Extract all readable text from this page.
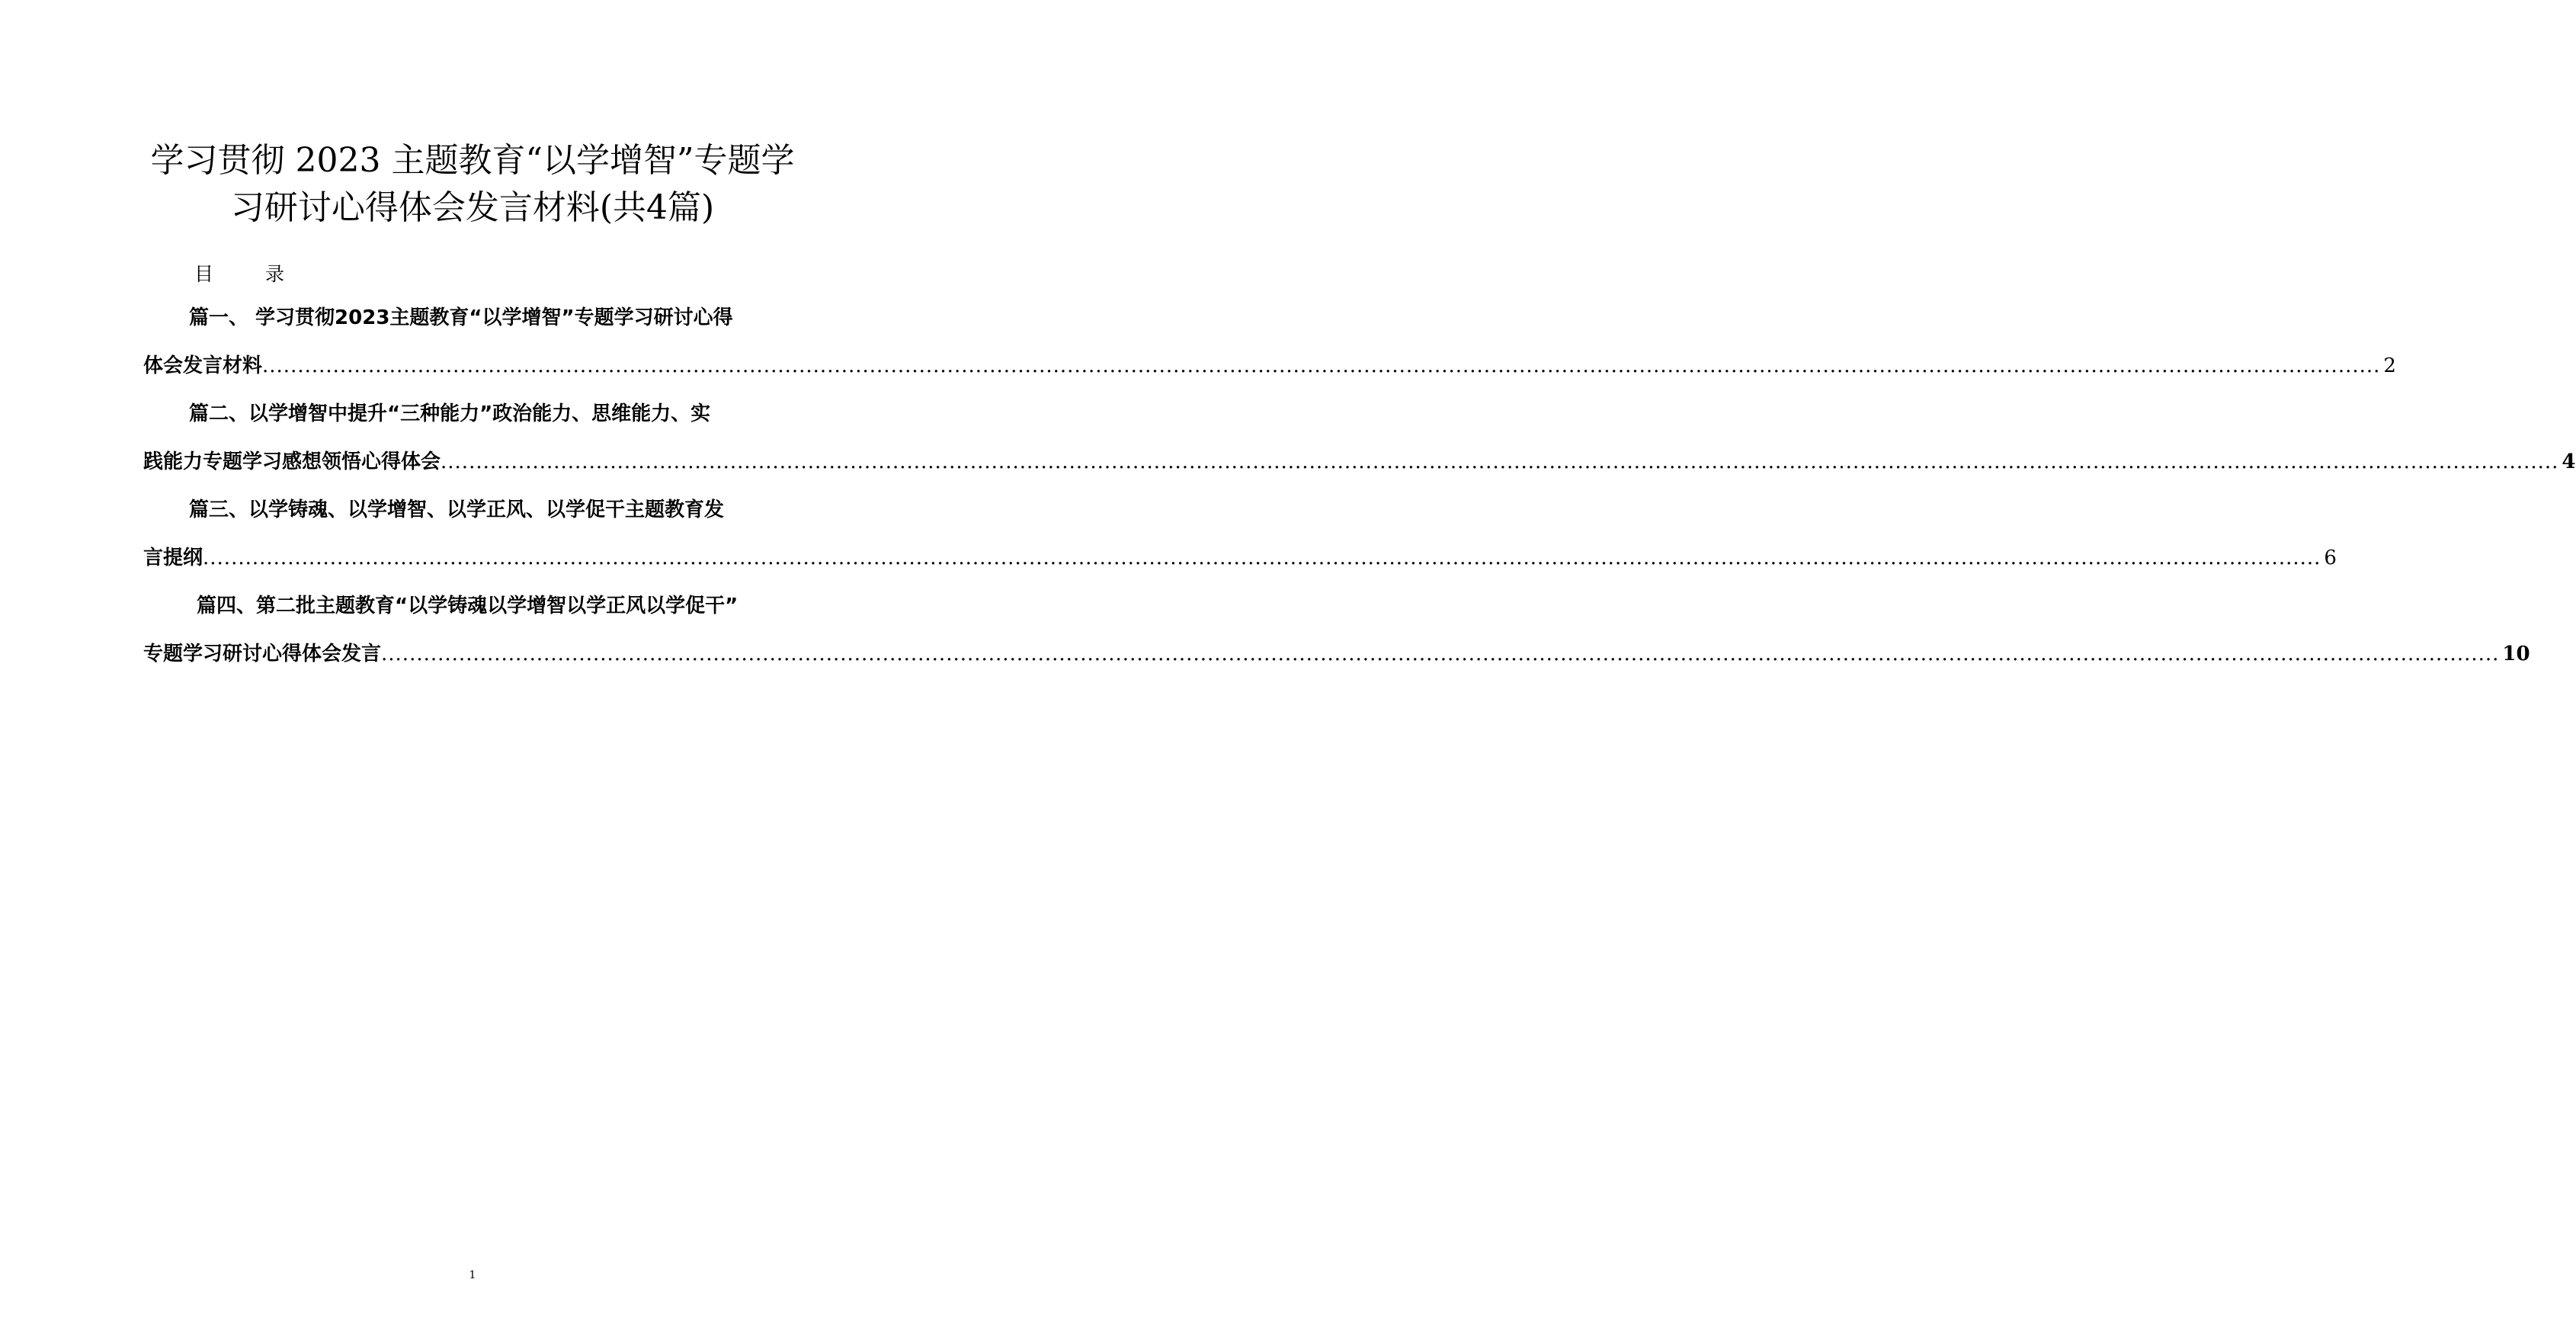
学习贯彻 2023 主题教育“以学增智”专题学
习研讨心得体会发言材料(共4篇)
目 录
篇一、 学习贯彻2023主题教育“以学增智”专题学习研讨心得
体会发言材料 ............................................................................................................................................................................................................................................................................................................ 2
篇二、以学增智中提升“三种能力”政治能力、思维能力、实
践能力专题学习感想领悟心得体会 ............................................................................................................................................................................................................................................................................................................ 4
篇三、以学铸魂、以学增智、以学正风、以学促干主题教育发
言提纲 ............................................................................................................................................................................................................................................................................................................ 6
篇四、第二批主题教育“以学铸魂以学增智以学正风以学促干”
专题学习研讨心得体会发言 ............................................................................................................................................................................................................................................................................................................ 10
1
